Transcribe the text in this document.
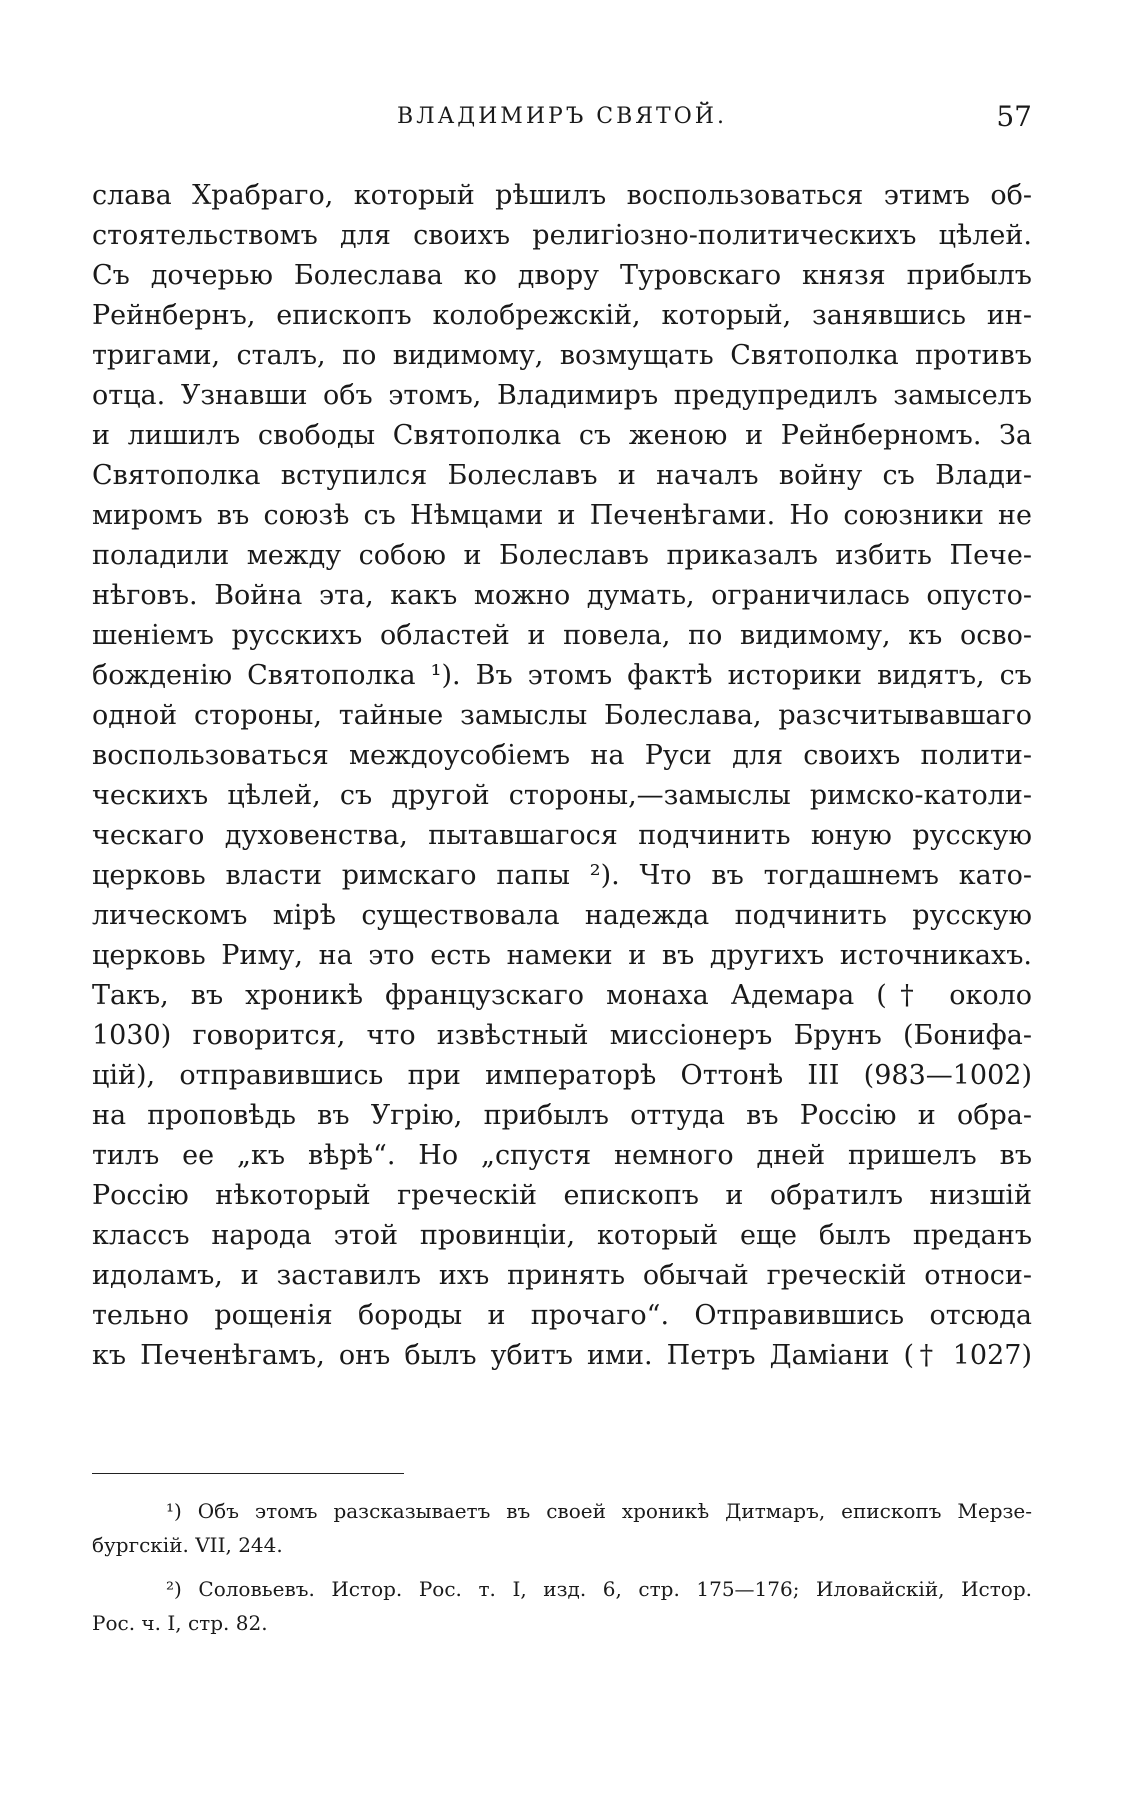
ВЛАДИМИРЪ СВЯТОЙ.	57
слава Храбраго, который рѣшилъ воспользоваться этимъ об-
стоятельствомъ для своихъ религіозно-политическихъ цѣлей.
Съ дочерью Болеслава ко двору Туровскаго князя прибылъ
Рейнбернъ, епископъ колобрежскій, который, занявшись ин-
тригами, сталъ, по видимому, возмущать Святополка противъ
отца. Узнавши объ этомъ, Владимиръ предупредилъ замыселъ
и лишилъ свободы Святополка съ женою и Рейнберномъ. За
Святополка вступился Болеславъ и началъ войну съ Влади-
миромъ въ союзѣ съ Нѣмцами и Печенѣгами. Но союзники не
поладили между собою и Болеславъ приказалъ избить Пече-
нѣговъ. Война эта, какъ можно думать, ограничилась опусто-
шеніемъ русскихъ областей и повела, по видимому, къ осво-
божденію Святополка ¹). Въ этомъ фактѣ историки видятъ, съ
одной стороны, тайные замыслы Болеслава, разсчитывавшаго
воспользоваться междоусобіемъ на Руси для своихъ полити-
ческихъ цѣлей, съ другой стороны,—замыслы римско-католи-
ческаго духовенства, пытавшагося подчинить юную русскую
церковь власти римскаго папы ²). Что въ тогдашнемъ като-
лическомъ мірѣ существовала надежда подчинить русскую
церковь Риму, на это есть намеки и въ другихъ источникахъ.
Такъ, въ хроникѣ французскаго монаха Адемара († около
1030) говорится, что извѣстный миссіонеръ Брунъ (Бонифа-
цій), отправившись при императорѣ Оттонѣ III (983—1002)
на проповѣдь въ Угрію, прибылъ оттуда въ Россію и обра-
тилъ ее „къ вѣрѣ“. Но „спустя немного дней пришелъ въ
Россію нѣкоторый греческій епископъ и обратилъ низшій
классъ народа этой провинціи, который еще былъ преданъ
идоламъ, и заставилъ ихъ принять обычай греческій относи-
тельно рощенія бороды и прочаго“. Отправившись отсюда
къ Печенѣгамъ, онъ былъ убитъ ими. Петръ Даміани († 1027)
¹) Объ этомъ разсказываетъ въ своей хроникѣ Дитмаръ, епископъ Мерзе-
бургскій. VII, 244.
²) Соловьевъ. Истор. Рос. т. I, изд. 6, стр. 175—176; Иловайскій, Истор.
Рос. ч. I, стр. 82.
